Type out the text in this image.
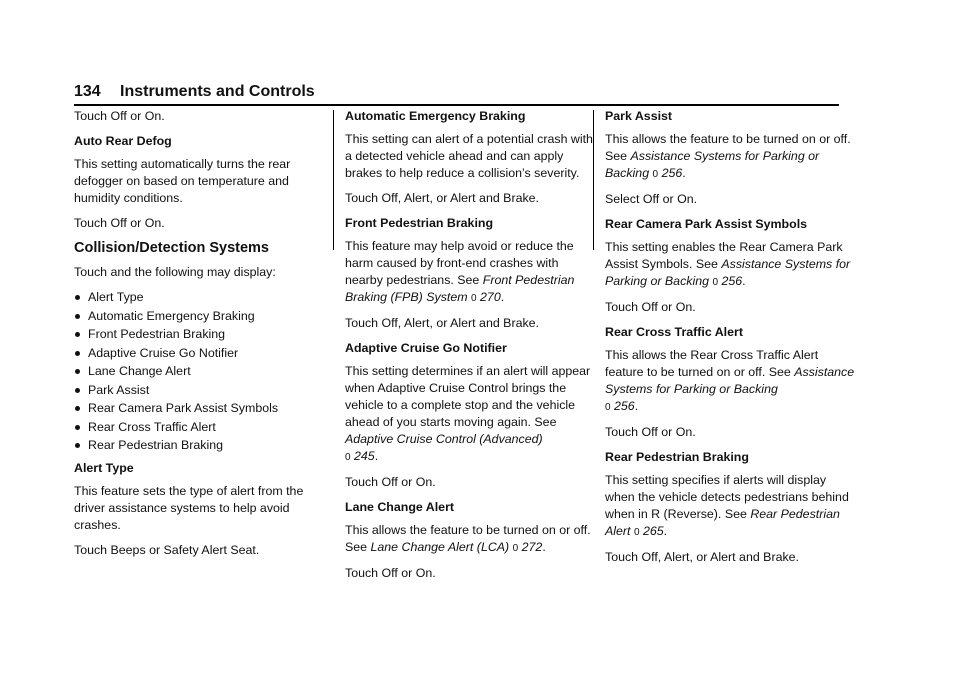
134 Instruments and Controls

Touch Off or On.

Auto Rear Defog

This setting automatically turns the rear defogger on based on temperature and humidity conditions.

Touch Off or On.

Collision/Detection Systems

Touch and the following may display:

Alert Type
Automatic Emergency Braking
Front Pedestrian Braking
Adaptive Cruise Go Notifier
Lane Change Alert
Park Assist
Rear Camera Park Assist Symbols
Rear Cross Traffic Alert
Rear Pedestrian Braking

Alert Type

This feature sets the type of alert from the driver assistance systems to help avoid crashes.

Touch Beeps or Safety Alert Seat.

Automatic Emergency Braking

This setting can alert of a potential crash with a detected vehicle ahead and can apply brakes to help reduce a collision’s severity.

Touch Off, Alert, or Alert and Brake.

Front Pedestrian Braking

This feature may help avoid or reduce the harm caused by front-end crashes with nearby pedestrians. See Front Pedestrian Braking (FPB) System 0 270.

Touch Off, Alert, or Alert and Brake.

Adaptive Cruise Go Notifier

This setting determines if an alert will appear when Adaptive Cruise Control brings the vehicle to a complete stop and the vehicle ahead of you starts moving again. See Adaptive Cruise Control (Advanced)
0 245.

Touch Off or On.

Lane Change Alert

This allows the feature to be turned on or off. See Lane Change Alert (LCA) 0 272.

Touch Off or On.

Park Assist

This allows the feature to be turned on or off. See Assistance Systems for Parking or Backing 0 256.

Select Off or On.

Rear Camera Park Assist Symbols

This setting enables the Rear Camera Park Assist Symbols. See Assistance Systems for Parking or Backing 0 256.

Touch Off or On.

Rear Cross Traffic Alert

This allows the Rear Cross Traffic Alert feature to be turned on or off. See Assistance Systems for Parking or Backing
0 256.

Touch Off or On.

Rear Pedestrian Braking

This setting specifies if alerts will display when the vehicle detects pedestrians behind when in R (Reverse). See Rear Pedestrian Alert 0 265.

Touch Off, Alert, or Alert and Brake.
